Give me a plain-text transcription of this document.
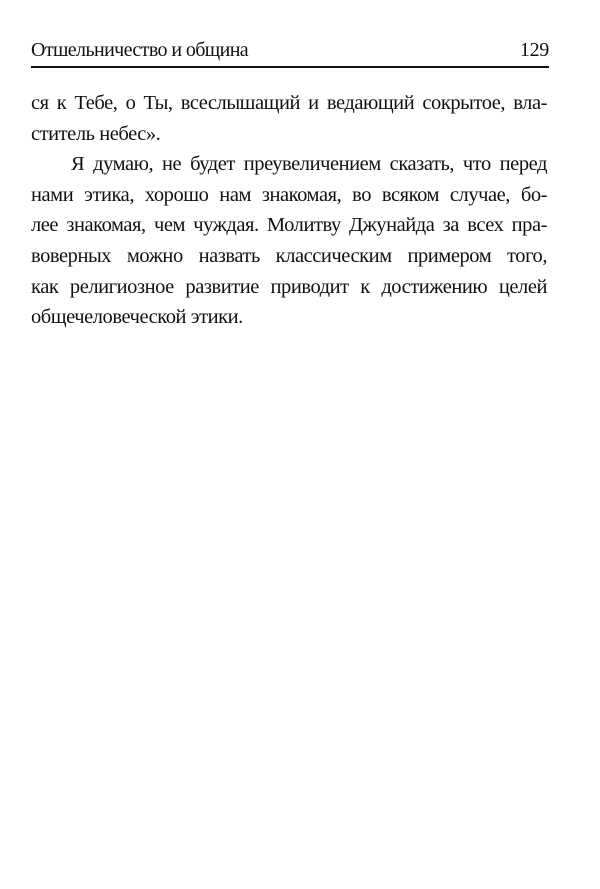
Отшельничество и община	129
ся к Тебе, о Ты, всеслышащий и ведающий сокрытое, вла-
ститель небес».
Я думаю, не будет преувеличением сказать, что перед
нами этика, хорошо нам знакомая, во всяком случае, бо-
лее знакомая, чем чуждая. Молитву Джунайда за всех пра-
воверных можно назвать классическим примером того,
как религиозное развитие приводит к достижению целей
общечеловеческой этики.
